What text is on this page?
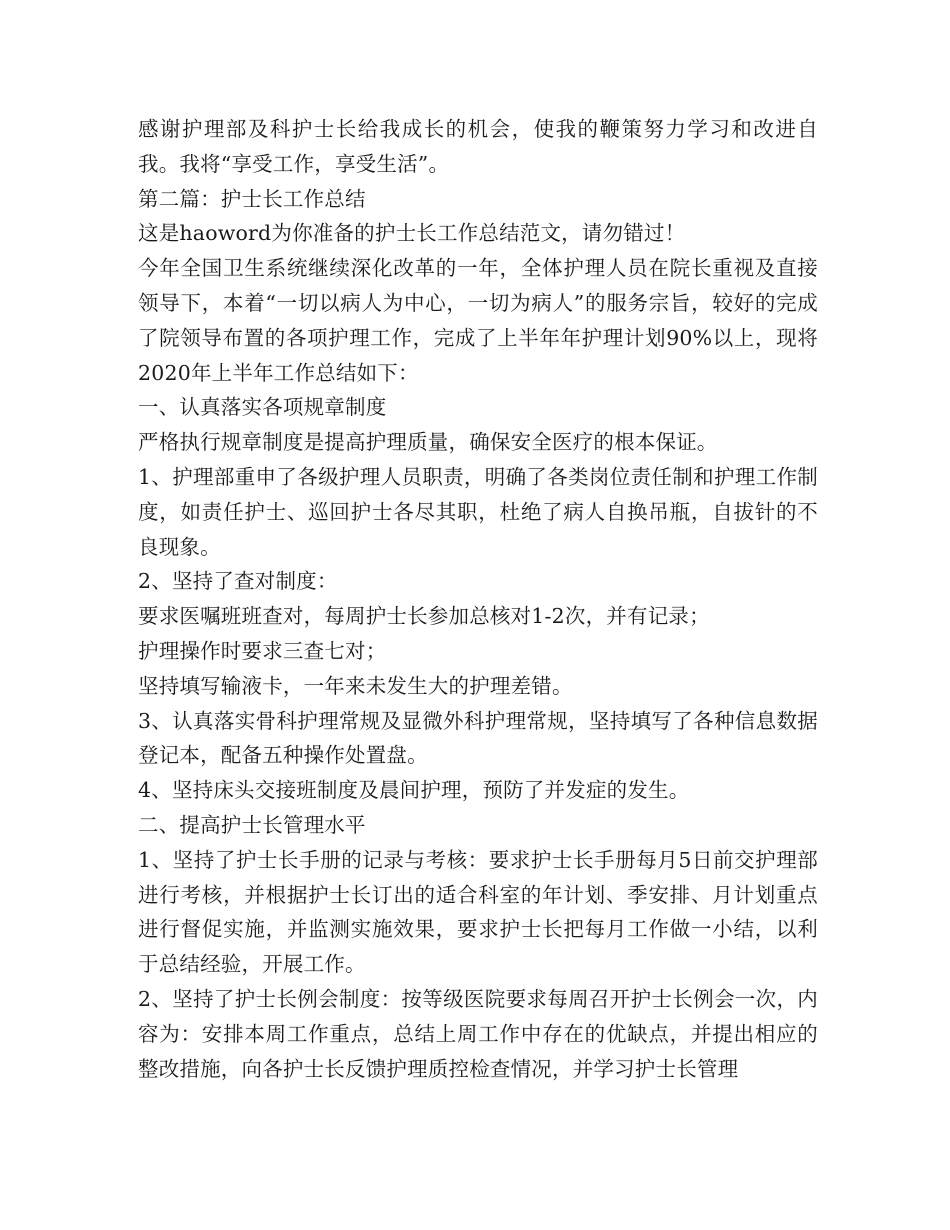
感谢护理部及科护士长给我成长的机会，使我的鞭策努力学习和改进自我。我将“享受工作，享受生活”。

第二篇：护士长工作总结

这是haoword为你准备的护士长工作总结范文，请勿错过！

今年全国卫生系统继续深化改革的一年，全体护理人员在院长重视及直接领导下，本着“一切以病人为中心，一切为病人”的服务宗旨，较好的完成了院领导布置的各项护理工作，完成了上半年年护理计划90%以上，现将2020年上半年工作总结如下：

一、认真落实各项规章制度

严格执行规章制度是提高护理质量，确保安全医疗的根本保证。

1、护理部重申了各级护理人员职责，明确了各类岗位责任制和护理工作制度，如责任护士、巡回护士各尽其职，杜绝了病人自换吊瓶，自拔针的不良现象。

2、坚持了查对制度：

要求医嘱班班查对，每周护士长参加总核对1-2次，并有记录；

护理操作时要求三查七对；

坚持填写输液卡，一年来未发生大的护理差错。

3、认真落实骨科护理常规及显微外科护理常规，坚持填写了各种信息数据登记本，配备五种操作处置盘。

4、坚持床头交接班制度及晨间护理，预防了并发症的发生。

二、提高护士长管理水平

1、坚持了护士长手册的记录与考核：要求护士长手册每月5日前交护理部进行考核，并根据护士长订出的适合科室的年计划、季安排、月计划重点进行督促实施，并监测实施效果，要求护士长把每月工作做一小结，以利于总结经验，开展工作。

2、坚持了护士长例会制度：按等级医院要求每周召开护士长例会一次，内容为：安排本周工作重点，总结上周工作中存在的优缺点，并提出相应的整改措施，向各护士长反馈护理质控检查情况，并学习护士长管理
